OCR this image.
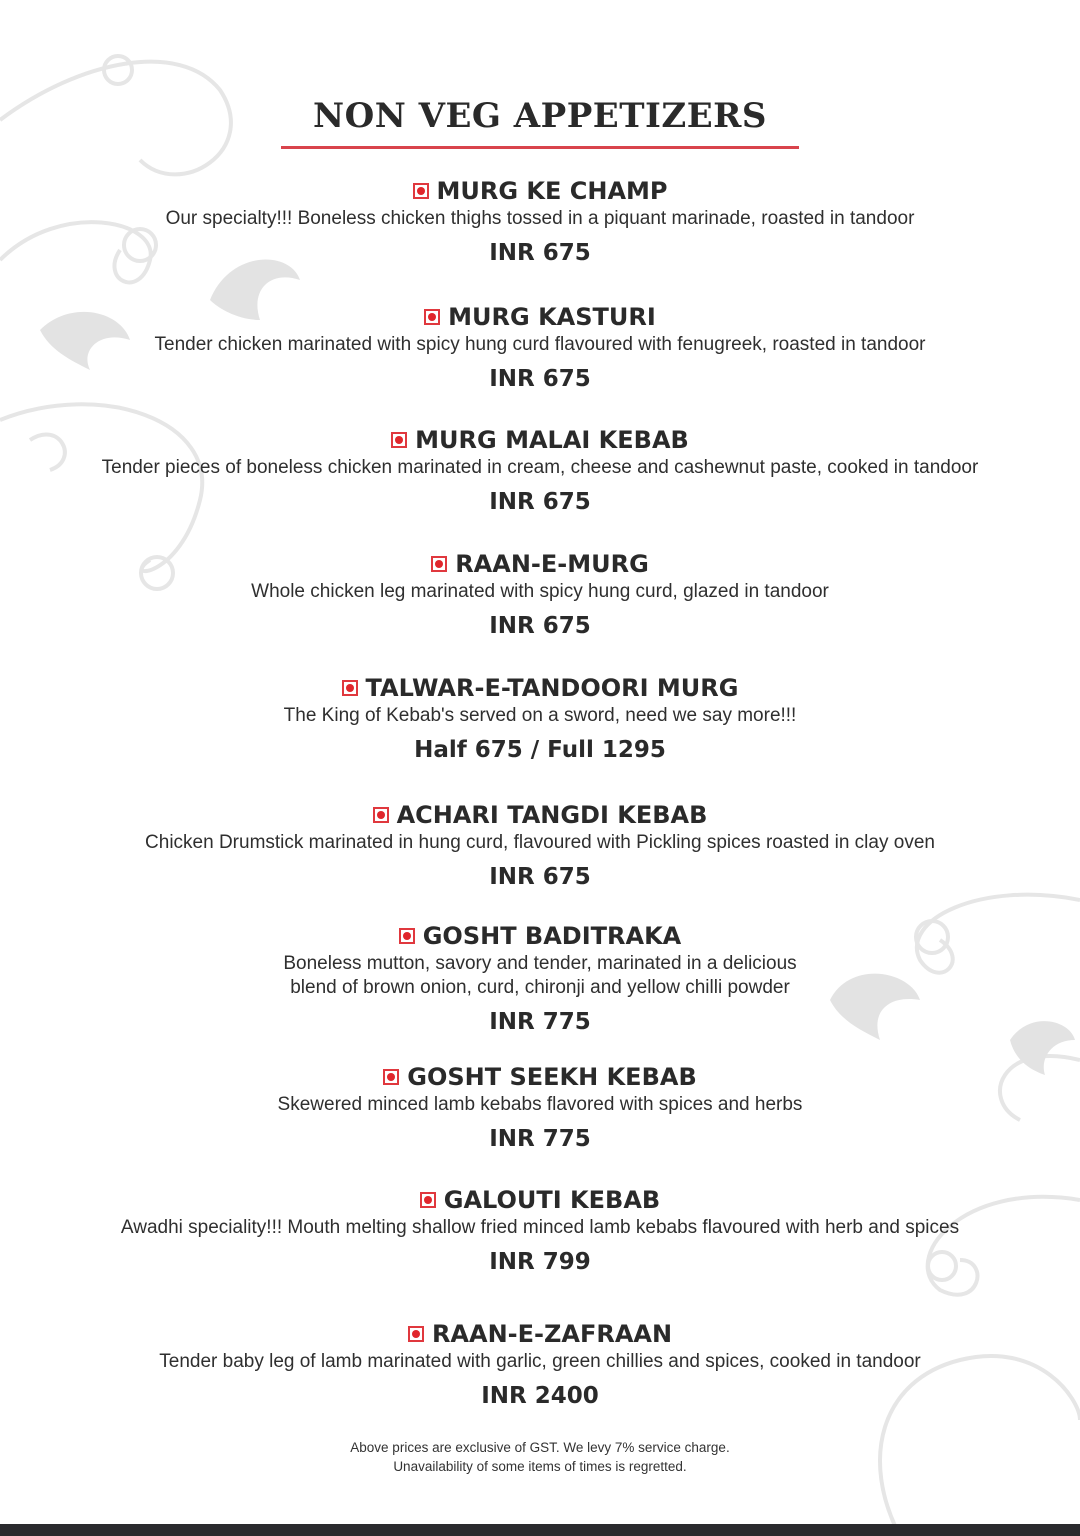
NON VEG APPETIZERS
MURG KE CHAMP
Our specialty!!! Boneless chicken thighs tossed in a piquant marinade, roasted in tandoor
INR 675
MURG KASTURI
Tender chicken marinated with spicy hung curd flavoured with fenugreek, roasted in tandoor
INR 675
MURG MALAI KEBAB
Tender pieces of boneless chicken marinated in cream, cheese and cashewnut paste, cooked in tandoor
INR 675
RAAN-E-MURG
Whole chicken leg marinated with spicy hung curd, glazed in tandoor
INR 675
TALWAR-E-TANDOORI MURG
The King of Kebab's served on a sword, need we say more!!!
Half 675 / Full 1295
ACHARI TANGDI KEBAB
Chicken Drumstick marinated in hung curd, flavoured with Pickling spices roasted in clay oven
INR 675
GOSHT BADITRAKA
Boneless mutton, savory and tender, marinated in a delicious
blend of brown onion, curd, chironji and yellow chilli powder
INR 775
GOSHT SEEKH KEBAB
Skewered minced lamb kebabs flavored with spices and herbs
INR 775
GALOUTI KEBAB
Awadhi speciality!!! Mouth melting shallow fried minced lamb kebabs flavoured with herb and spices
INR 799
RAAN-E-ZAFRAAN
Tender baby leg of lamb marinated with garlic, green chillies and spices, cooked in tandoor
INR 2400
Above prices are exclusive of GST. We levy 7% service charge.
Unavailability of some items of times is regretted.
